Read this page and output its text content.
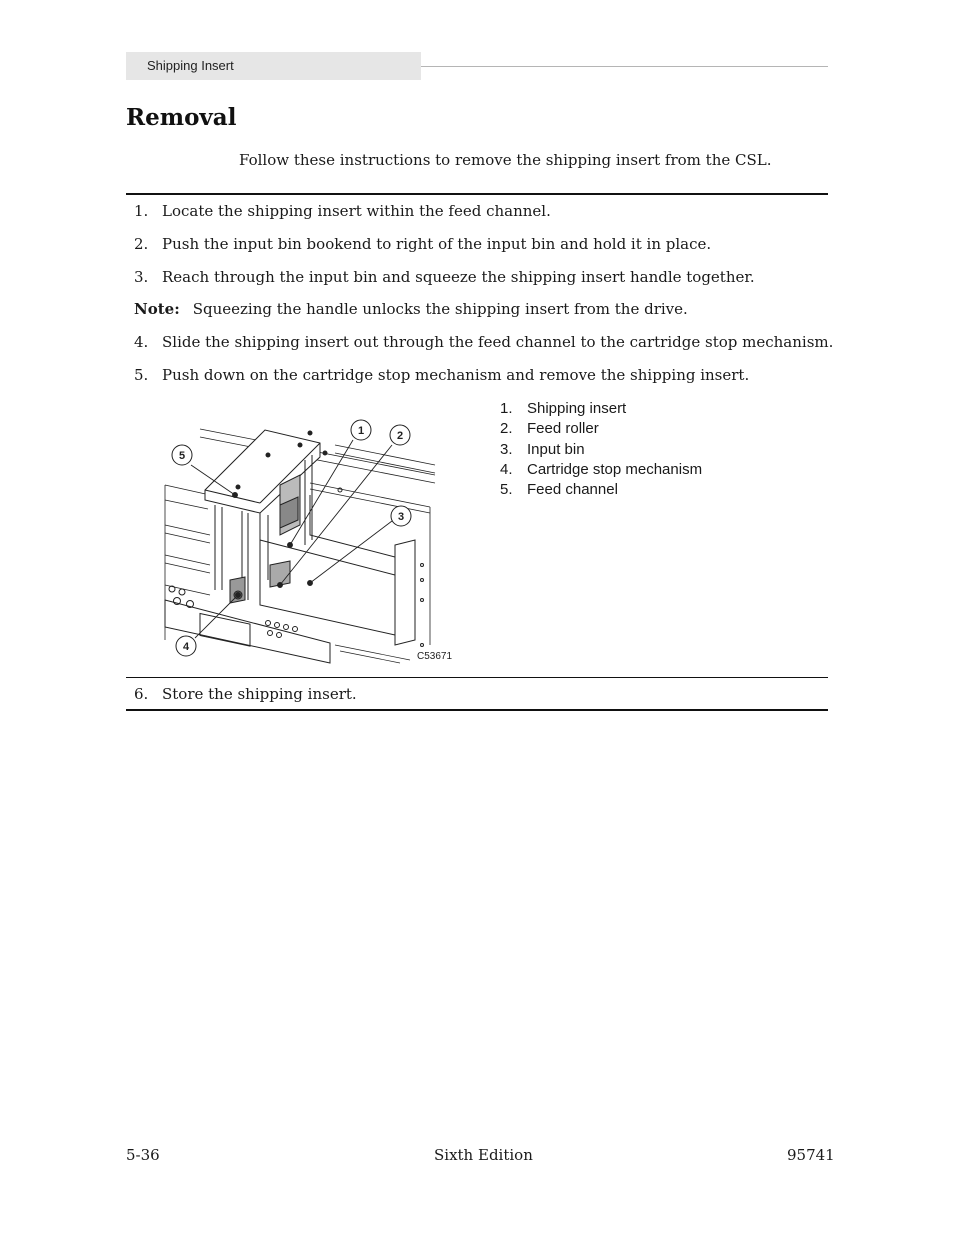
Shipping Insert
Removal
Follow these instructions to remove the shipping insert from the CSL.
1. Locate the shipping insert within the feed channel.
2. Push the input bin bookend to right of the input bin and hold it in place.
3. Reach through the input bin and squeeze the shipping insert handle together.
Note: Squeezing the handle unlocks the shipping insert from the drive.
4. Slide the shipping insert out through the feed channel to the cartridge stop mechanism.
5. Push down on the cartridge stop mechanism and remove the shipping insert.
1	2
3
4
5
C53671
1. Shipping insert
2. Feed roller
3. Input bin
4. Cartridge stop mechanism
5. Feed channel
6. Store the shipping insert.
5-36	Sixth Edition	95741
